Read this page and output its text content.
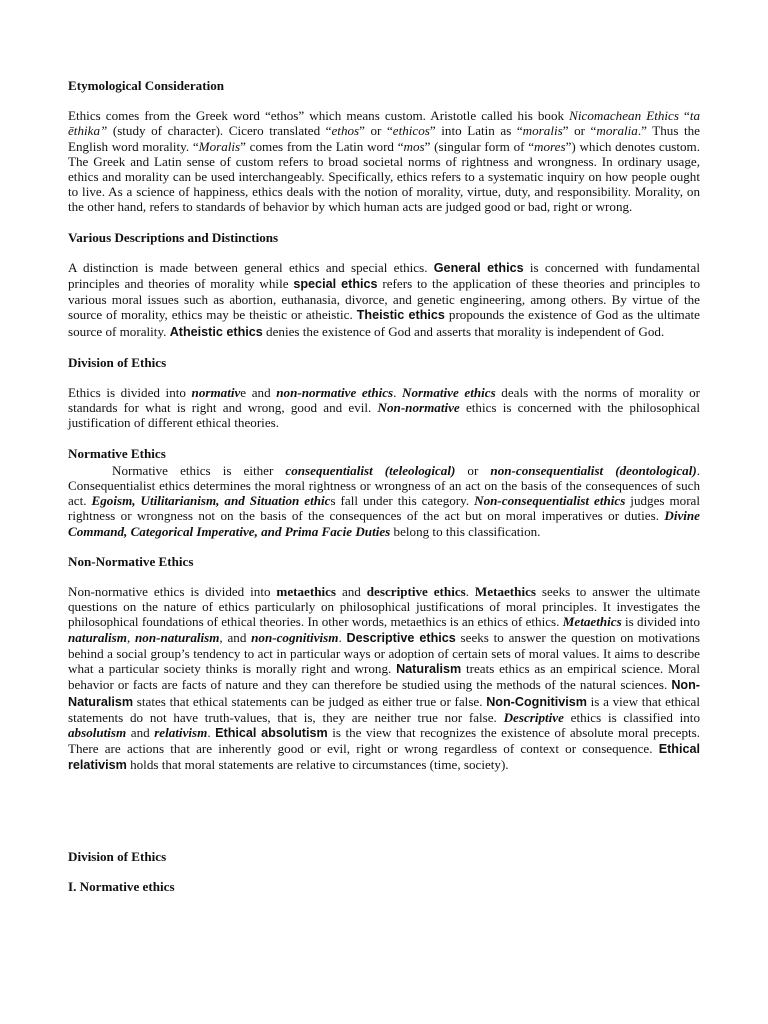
Etymological Consideration

Ethics comes from the Greek word “ethos” which means custom. Aristotle called his book Nicomachean Ethics “ta ēthika” (study of character). Cicero translated “ethos” or “ethicos” into Latin as “moralis” or “moralia.” Thus the English word morality. “Moralis” comes from the Latin word “mos” (singular form of “mores”) which denotes custom. The Greek and Latin sense of custom refers to broad societal norms of rightness and wrongness. In ordinary usage, ethics and morality can be used interchangeably. Specifically, ethics refers to a systematic inquiry on how people ought to live. As a science of happiness, ethics deals with the notion of morality, virtue, duty, and responsibility. Morality, on the other hand, refers to standards of behavior by which human acts are judged good or bad, right or wrong.

Various Descriptions and Distinctions

A distinction is made between general ethics and special ethics. General ethics is concerned with fundamental principles and theories of morality while special ethics refers to the application of these theories and principles to various moral issues such as abortion, euthanasia, divorce, and genetic engineering, among others. By virtue of the source of morality, ethics may be theistic or atheistic. Theistic ethics propounds the existence of God as the ultimate source of morality. Atheistic ethics denies the existence of God and asserts that morality is independent of God.

Division of Ethics

Ethics is divided into normative and non-normative ethics. Normative ethics deals with the norms of morality or standards for what is right and wrong, good and evil. Non-normative ethics is concerned with the philosophical justification of different ethical theories.

Normative Ethics

Normative ethics is either consequentialist (teleological) or non-consequentialist (deontological). Consequentialist ethics determines the moral rightness or wrongness of an act on the basis of the consequences of such act. Egoism, Utilitarianism, and Situation ethics fall under this category. Non-consequentialist ethics judges moral rightness or wrongness not on the basis of the consequences of the act but on moral imperatives or duties. Divine Command, Categorical Imperative, and Prima Facie Duties belong to this classification.

Non-Normative Ethics

Non-normative ethics is divided into metaethics and descriptive ethics. Metaethics seeks to answer the ultimate questions on the nature of ethics particularly on philosophical justifications of moral principles. It investigates the philosophical foundations of ethical theories. In other words, metaethics is an ethics of ethics. Metaethics is divided into naturalism, non-naturalism, and non-cognitivism. Descriptive ethics seeks to answer the question on motivations behind a social group’s tendency to act in particular ways or adoption of certain sets of moral values. It aims to describe what a particular society thinks is morally right and wrong. Naturalism treats ethics as an empirical science. Moral behavior or facts are facts of nature and they can therefore be studied using the methods of the natural sciences. Non-Naturalism states that ethical statements can be judged as either true or false. Non-Cognitivism is a view that ethical statements do not have truth-values, that is, they are neither true nor false. Descriptive ethics is classified into absolutism and relativism. Ethical absolutism is the view that recognizes the existence of absolute moral precepts. There are actions that are inherently good or evil, right or wrong regardless of context or consequence. Ethical relativism holds that moral statements are relative to circumstances (time, society).

Division of Ethics
I. Normative ethics
